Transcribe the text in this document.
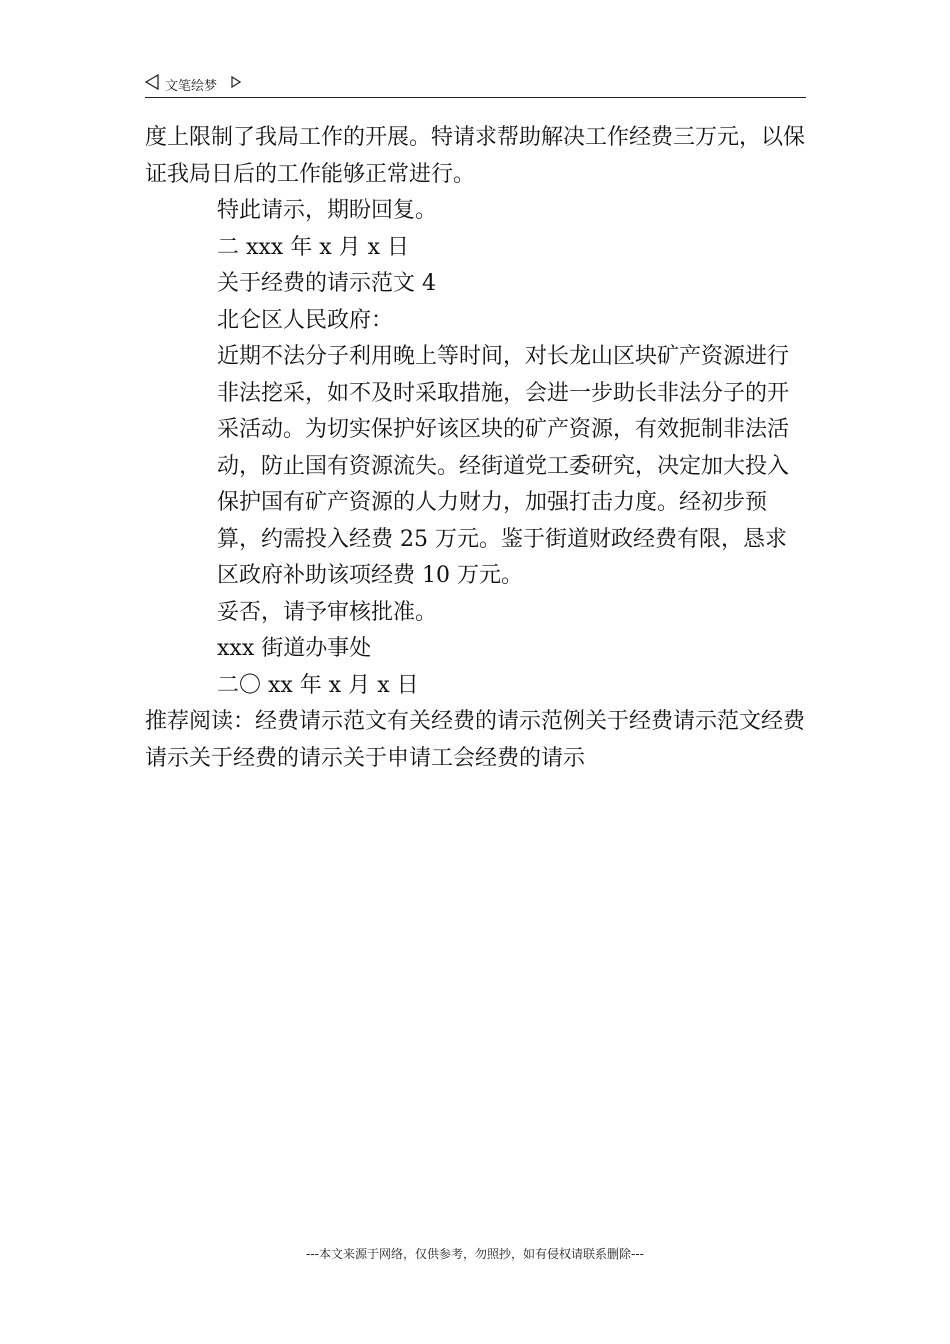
文笔绘梦

度上限制了我局工作的开展。特请求帮助解决工作经费三万元，以保证我局日后的工作能够正常进行。

特此请示，期盼回复。

二 xxx 年 x 月 x 日

关于经费的请示范文 4

北仑区人民政府：

近期不法分子利用晚上等时间，对长龙山区块矿产资源进行非法挖采，如不及时采取措施，会进一步助长非法分子的开采活动。为切实保护好该区块的矿产资源，有效扼制非法活动，防止国有资源流失。经街道党工委研究，决定加大投入保护国有矿产资源的人力财力，加强打击力度。经初步预算，约需投入经费 25 万元。鉴于街道财政经费有限，恳求区政府补助该项经费 10 万元。

妥否，请予审核批准。

xxx 街道办事处

二〇 xx 年 x 月 x 日

推荐阅读：经费请示范文有关经费的请示范例关于经费请示范文经费请示关于经费的请示关于申请工会经费的请示

---本文来源于网络，仅供参考，勿照抄，如有侵权请联系删除---
